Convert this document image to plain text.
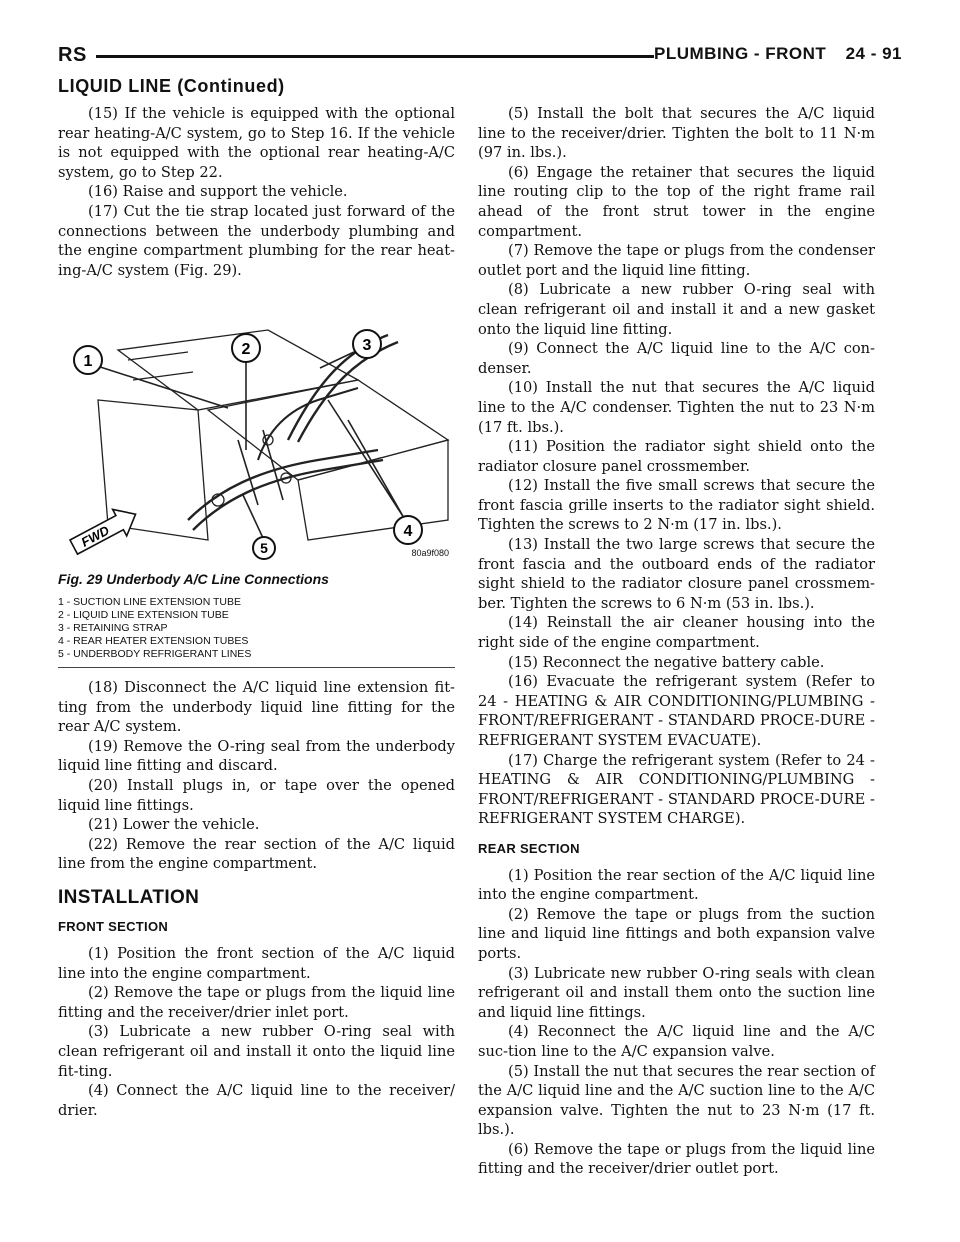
RS	PLUMBING - FRONT 24 - 91
LIQUID LINE (Continued)

(15) If the vehicle is equipped with the optional rear heating-A/C system, go to Step 16. If the vehicle is not equipped with the optional rear heating-A/C system, go to Step 22.

(16) Raise and support the vehicle.

(17) Cut the tie strap located just forward of the connections between the underbody plumbing and the engine compartment plumbing for the rear heat-ing-A/C system (Fig. 29).

1
2	3
4
5
FWD
80a9f080
Fig. 29 Underbody A/C Line Connections
1 - SUCTION LINE EXTENSION TUBE
2 - LIQUID LINE EXTENSION TUBE
3 - RETAINING STRAP
4 - REAR HEATER EXTENSION TUBES
5 - UNDERBODY REFRIGERANT LINES

(18) Disconnect the A/C liquid line extension fit-ting from the underbody liquid line fitting for the rear A/C system.

(19) Remove the O-ring seal from the underbody liquid line fitting and discard.

(20) Install plugs in, or tape over the opened liquid line fittings.

(21) Lower the vehicle.

(22) Remove the rear section of the A/C liquid line from the engine compartment.

INSTALLATION
FRONT SECTION

(1) Position the front section of the A/C liquid line into the engine compartment.

(2) Remove the tape or plugs from the liquid line fitting and the receiver/drier inlet port.

(3) Lubricate a new rubber O-ring seal with clean refrigerant oil and install it onto the liquid line fit-ting.

(4) Connect the A/C liquid line to the receiver/ drier.

(5) Install the bolt that secures the A/C liquid line to the receiver/drier. Tighten the bolt to 11 N·m (97 in. lbs.).

(6) Engage the retainer that secures the liquid line routing clip to the top of the right frame rail ahead of the front strut tower in the engine compartment.

(7) Remove the tape or plugs from the condenser outlet port and the liquid line fitting.

(8) Lubricate a new rubber O-ring seal with clean refrigerant oil and install it and a new gasket onto the liquid line fitting.

(9) Connect the A/C liquid line to the A/C con-denser.

(10) Install the nut that secures the A/C liquid line to the A/C condenser. Tighten the nut to 23 N·m (17 ft. lbs.).

(11) Position the radiator sight shield onto the radiator closure panel crossmember.

(12) Install the five small screws that secure the front fascia grille inserts to the radiator sight shield. Tighten the screws to 2 N·m (17 in. lbs.).

(13) Install the two large screws that secure the front fascia and the outboard ends of the radiator sight shield to the radiator closure panel crossmem-ber. Tighten the screws to 6 N·m (53 in. lbs.).

(14) Reinstall the air cleaner housing into the right side of the engine compartment.

(15) Reconnect the negative battery cable.

(16) Evacuate the refrigerant system (Refer to 24 - HEATING & AIR CONDITIONING/PLUMBING - FRONT/REFRIGERANT - STANDARD PROCE-DURE - REFRIGERANT SYSTEM EVACUATE).

(17) Charge the refrigerant system (Refer to 24 - HEATING & AIR CONDITIONING/PLUMBING - FRONT/REFRIGERANT - STANDARD PROCE-DURE - REFRIGERANT SYSTEM CHARGE).

REAR SECTION

(1) Position the rear section of the A/C liquid line into the engine compartment.

(2) Remove the tape or plugs from the suction line and liquid line fittings and both expansion valve ports.

(3) Lubricate new rubber O-ring seals with clean refrigerant oil and install them onto the suction line and liquid line fittings.

(4) Reconnect the A/C liquid line and the A/C suc-tion line to the A/C expansion valve.

(5) Install the nut that secures the rear section of the A/C liquid line and the A/C suction line to the A/C expansion valve. Tighten the nut to 23 N·m (17 ft. lbs.).

(6) Remove the tape or plugs from the liquid line fitting and the receiver/drier outlet port.
